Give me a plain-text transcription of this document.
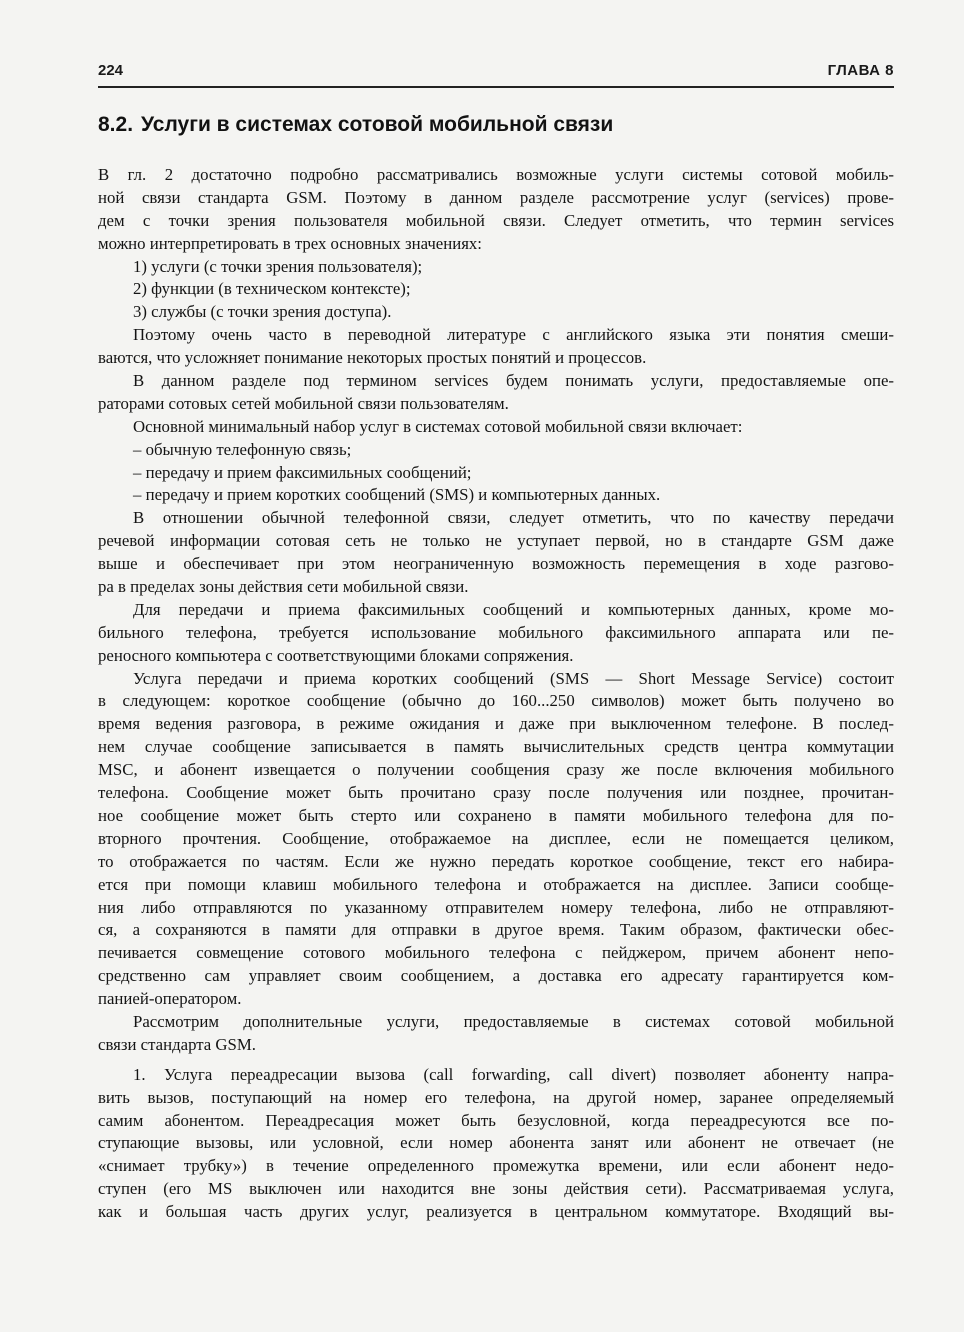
224	ГЛАВА 8
8.2. Услуги в системах сотовой мобильной связи
В гл. 2 достаточно подробно рассматривались возможные услуги системы сотовой мобиль-
ной связи стандарта GSM. Поэтому в данном разделе рассмотрение услуг (services) прове-
дем с точки зрения пользователя мобильной связи. Следует отметить, что термин services
можно интерпретировать в трех основных значениях:
1) услуги (с точки зрения пользователя);
2) функции (в техническом контексте);
3) службы (с точки зрения доступа).
Поэтому очень часто в переводной литературе с английского языка эти понятия смеши-
ваются, что усложняет понимание некоторых простых понятий и процессов.
В данном разделе под термином services будем понимать услуги, предоставляемые опе-
раторами сотовых сетей мобильной связи пользователям.
Основной минимальный набор услуг в системах сотовой мобильной связи включает:
– обычную телефонную связь;
– передачу и прием факсимильных сообщений;
– передачу и прием коротких сообщений (SMS) и компьютерных данных.
В отношении обычной телефонной связи, следует отметить, что по качеству передачи
речевой информации сотовая сеть не только не уступает первой, но в стандарте GSM даже
выше и обеспечивает при этом неограниченную возможность перемещения в ходе разгово-
ра в пределах зоны действия сети мобильной связи.
Для передачи и приема факсимильных сообщений и компьютерных данных, кроме мо-
бильного телефона, требуется использование мобильного факсимильного аппарата или пе-
реносного компьютера с соответствующими блоками сопряжения.
Услуга передачи и приема коротких сообщений (SMS — Short Message Service) состоит
в следующем: короткое сообщение (обычно до 160...250 символов) может быть получено во
время ведения разговора, в режиме ожидания и даже при выключенном телефоне. В послед-
нем случае сообщение записывается в память вычислительных средств центра коммутации
MSC, и абонент извещается о получении сообщения сразу же после включения мобильного
телефона. Сообщение может быть прочитано сразу после получения или позднее, прочитан-
ное сообщение может быть стерто или сохранено в памяти мобильного телефона для по-
вторного прочтения. Сообщение, отображаемое на дисплее, если не помещается целиком,
то отображается по частям. Если же нужно передать короткое сообщение, текст его набира-
ется при помощи клавиш мобильного телефона и отображается на дисплее. Записи сообще-
ния либо отправляются по указанному отправителем номеру телефона, либо не отправляют-
ся, а сохраняются в памяти для отправки в другое время. Таким образом, фактически обес-
печивается совмещение сотового мобильного телефона с пейджером, причем абонент непо-
средственно сам управляет своим сообщением, а доставка его адресату гарантируется ком-
панией-оператором.
Рассмотрим дополнительные услуги, предоставляемые в системах сотовой мобильной
связи стандарта GSM.
1. Услуга переадресации вызова (call forwarding, call divert) позволяет абоненту напра-
вить вызов, поступающий на номер его телефона, на другой номер, заранее определяемый
самим абонентом. Переадресация может быть безусловной, когда переадресуются все по-
ступающие вызовы, или условной, если номер абонента занят или абонент не отвечает (не
«снимает трубку») в течение определенного промежутка времени, или если абонент недо-
ступен (его MS выключен или находится вне зоны действия сети). Рассматриваемая услуга,
как и большая часть других услуг, реализуется в центральном коммутаторе. Входящий вы-
